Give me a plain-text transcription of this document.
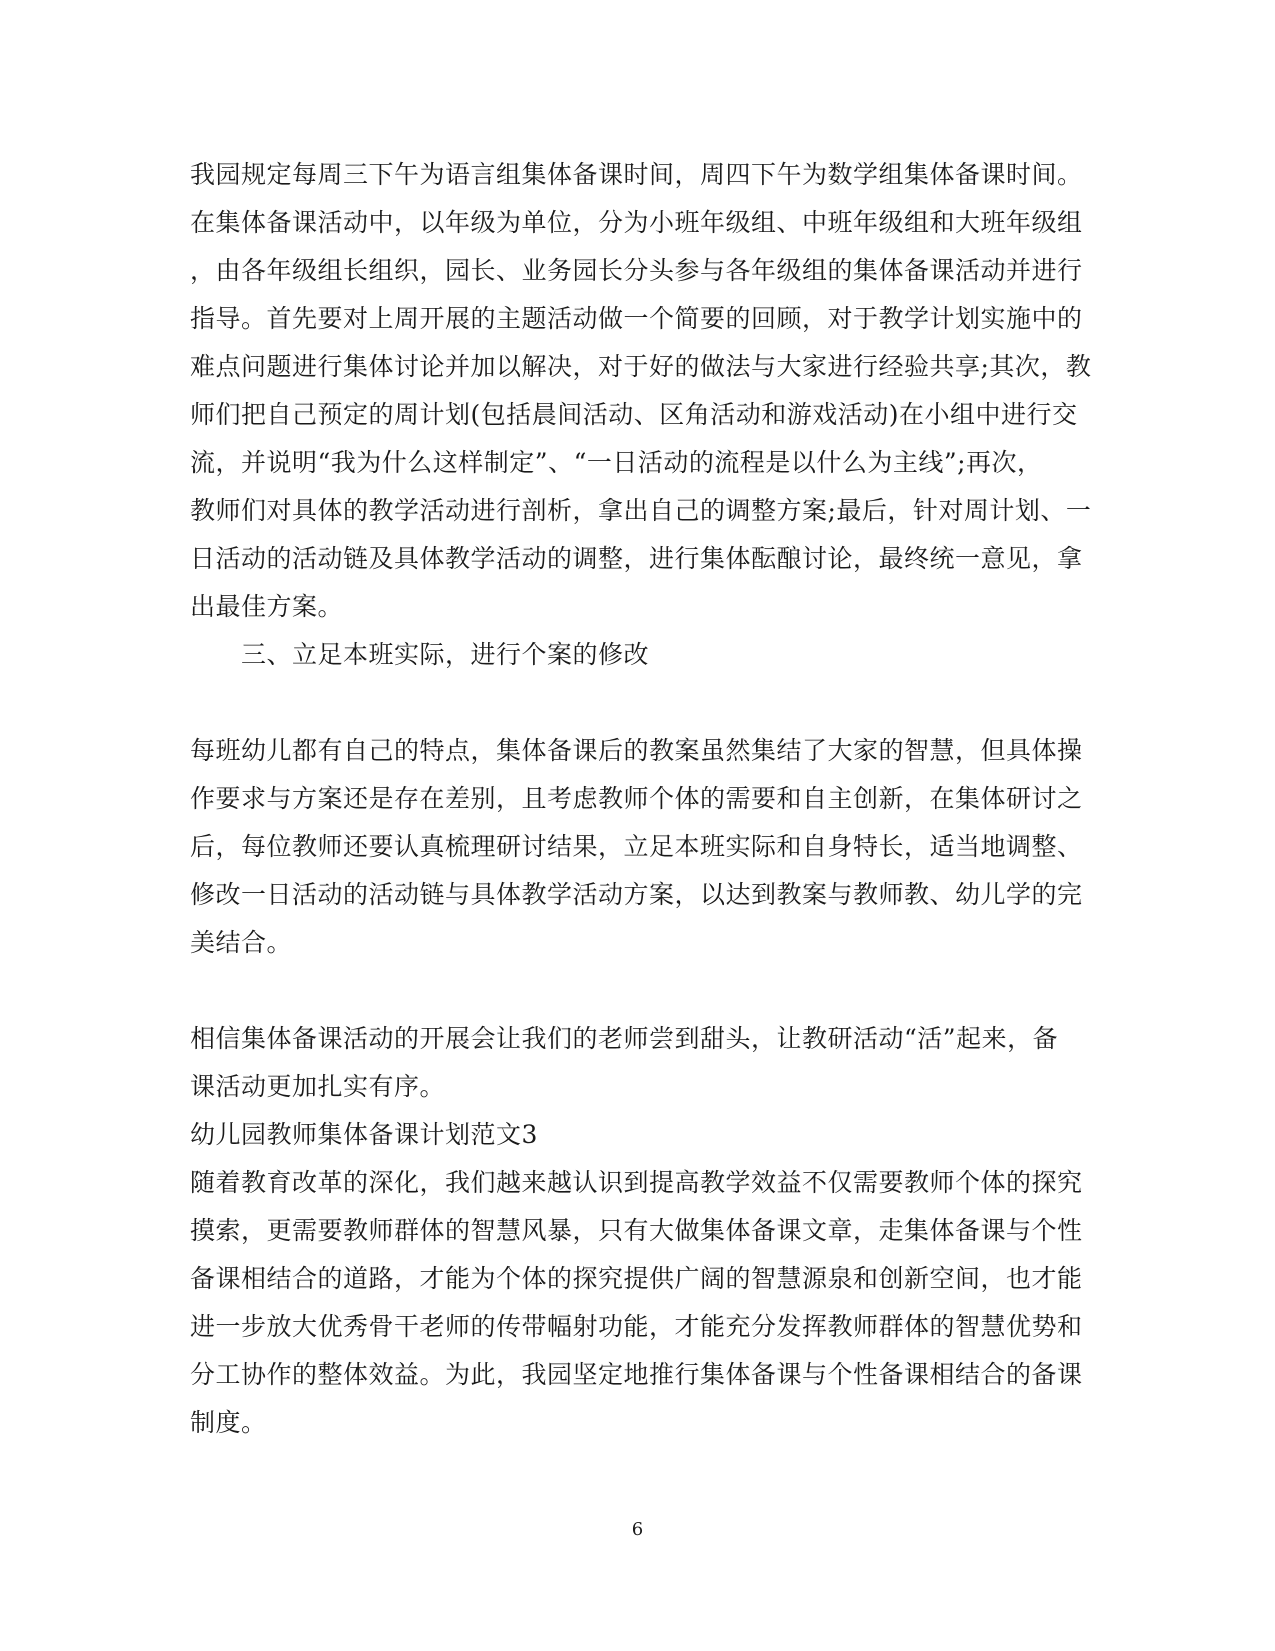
我园规定每周三下午为语言组集体备课时间，周四下午为数学组集体备课时间。
在集体备课活动中，以年级为单位，分为小班年级组、中班年级组和大班年级组
，由各年级组长组织，园长、业务园长分头参与各年级组的集体备课活动并进行
指导。首先要对上周开展的主题活动做一个简要的回顾，对于教学计划实施中的
难点问题进行集体讨论并加以解决，对于好的做法与大家进行经验共享;其次，教
师们把自己预定的周计划(包括晨间活动、区角活动和游戏活动)在小组中进行交
流，并说明“我为什么这样制定”、“一日活动的流程是以什么为主线”;再次，
教师们对具体的教学活动进行剖析，拿出自己的调整方案;最后，针对周计划、一
日活动的活动链及具体教学活动的调整，进行集体酝酿讨论，最终统一意见，拿
出最佳方案。
三、立足本班实际，进行个案的修改
每班幼儿都有自己的特点，集体备课后的教案虽然集结了大家的智慧，但具体操
作要求与方案还是存在差别，且考虑教师个体的需要和自主创新，在集体研讨之
后，每位教师还要认真梳理研讨结果，立足本班实际和自身特长，适当地调整、
修改一日活动的活动链与具体教学活动方案，以达到教案与教师教、幼儿学的完
美结合。
相信集体备课活动的开展会让我们的老师尝到甜头，让教研活动“活”起来，备
课活动更加扎实有序。
幼儿园教师集体备课计划范文3
随着教育改革的深化，我们越来越认识到提高教学效益不仅需要教师个体的探究
摸索，更需要教师群体的智慧风暴，只有大做集体备课文章，走集体备课与个性
备课相结合的道路，才能为个体的探究提供广阔的智慧源泉和创新空间，也才能
进一步放大优秀骨干老师的传带幅射功能，才能充分发挥教师群体的智慧优势和
分工协作的整体效益。为此，我园坚定地推行集体备课与个性备课相结合的备课
制度。
6
